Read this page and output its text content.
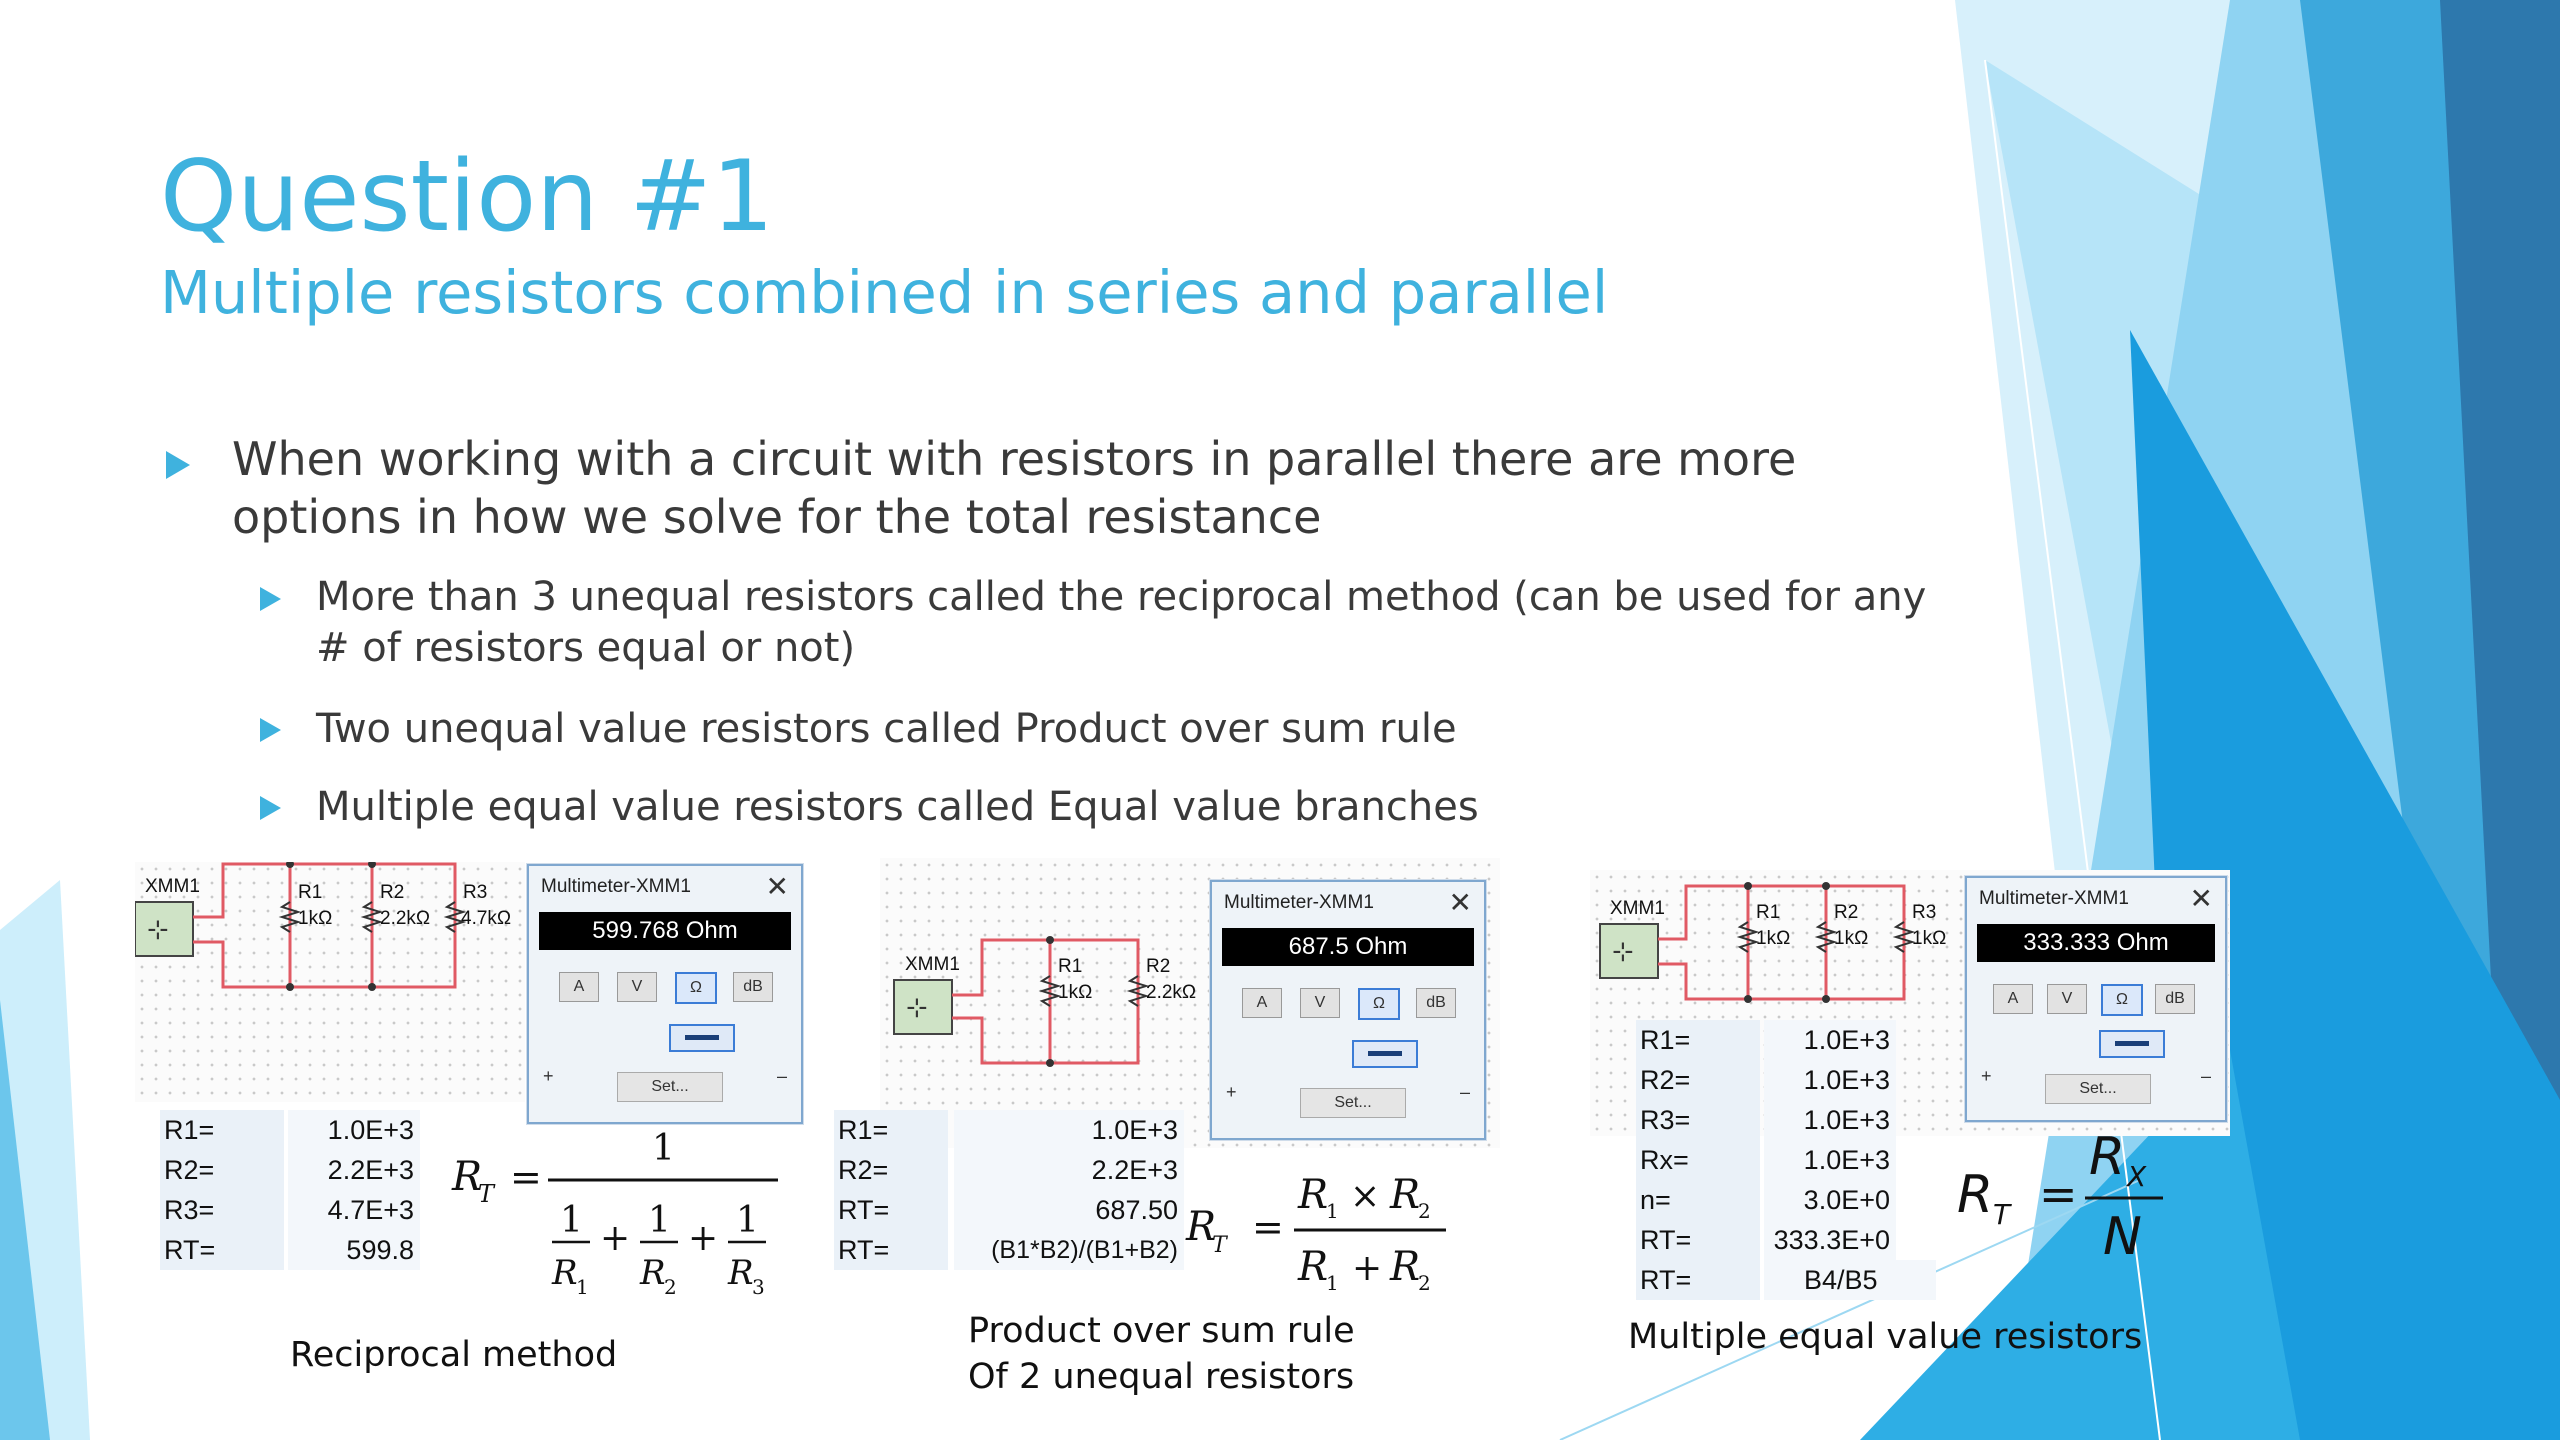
Question #1
Multiple resistors combined in series and parallel
When working with a circuit with resistors in parallel there are more options in how we solve for the total resistance
More than 3 unequal resistors called the reciprocal method (can be used for any # of resistors equal or not)
Two unequal value resistors called Product over sum rule
Multiple equal value resistors called Equal value branches
XMM1
⊹
R1
1kΩ
R2
2.2kΩ
R3
4.7kΩ
Multimeter-XMM1	✕
599.768 Ohm
A	V	Ω	dB
+
Set...
–
R1=	1.0E+3
R2=	2.2E+3
R3=	4.7E+3
RT=	599.8
R
T =
1
1 1 1
+ +
R R R
1	2	3
Reciprocal method
XMM1
⊹
R1
1kΩ
R2
2.2kΩ
Multimeter-XMM1	✕
687.5 Ohm
A	V	Ω	dB
+
Set...
–
R1=	1.0E+3
R2=	2.2E+3
RT=	687.50
RT=	(B1*B2)/(B1+B2) R
T =
R
1 × R
2
R
1 + R
2
Product over sum rule
Of 2 unequal resistors
XMM1
⊹
R1
1kΩ
R2
1kΩ
R3
1kΩ
Multimeter-XMM1 ✕
333.333 Ohm
A	V	Ω	dB
+
Set...
–
R1=	1.0E+3
R2=	1.0E+3
R3=	1.0E+3
Rx=	1.0E+3
n=	3.0E+0
RT=	333.3E+0
RT=	B4/B5
R T =
R X
N
Multiple equal value resistors
